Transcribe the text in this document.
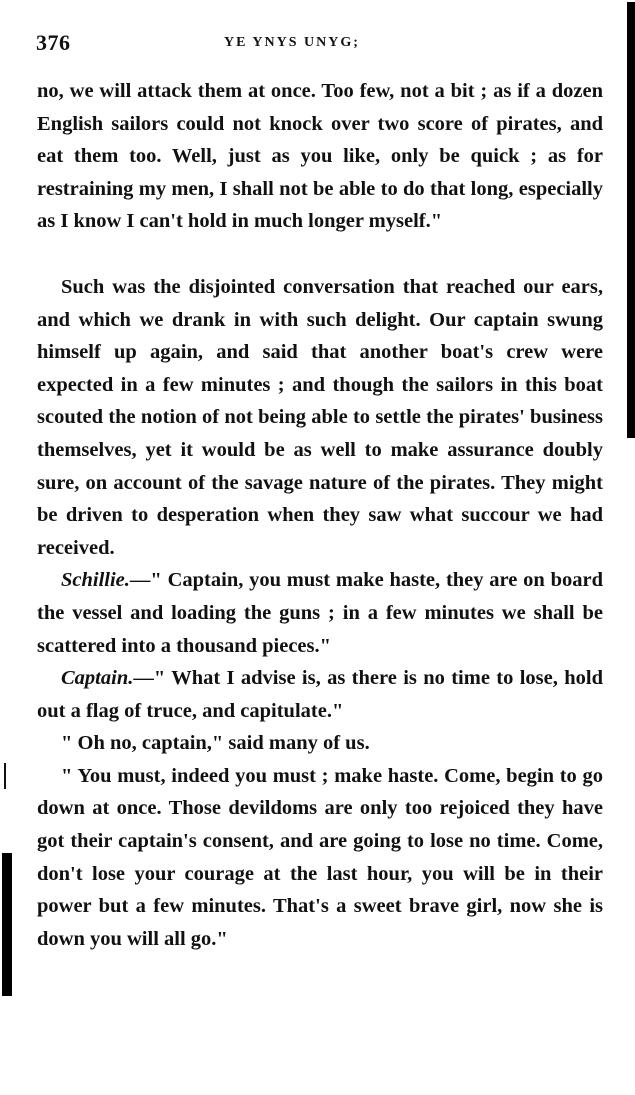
376	YE YNYS UNYG;

no, we will attack them at once. Too few, not a bit ; as if a dozen English sailors could not knock over two score of pirates, and eat them too. Well, just as you like, only be quick ; as for restraining my men, I shall not be able to do that long, especially as I know I can't hold in much longer myself."

Such was the disjointed conversation that reached our ears, and which we drank in with such delight. Our captain swung himself up again, and said that another boat's crew were expected in a few minutes ; and though the sailors in this boat scouted the notion of not being able to settle the pirates' business themselves, yet it would be as well to make assurance doubly sure, on account of the savage nature of the pirates. They might be driven to desperation when they saw what succour we had received.

Schillie.—" Captain, you must make haste, they are on board the vessel and loading the guns ; in a few minutes we shall be scattered into a thousand pieces."

Captain.—" What I advise is, as there is no time to lose, hold out a flag of truce, and capitulate."

" Oh no, captain," said many of us.

" You must, indeed you must ; make haste. Come, begin to go down at once. Those devildoms are only too rejoiced they have got their captain's consent, and are going to lose no time. Come, don't lose your courage at the last hour, you will be in their power but a few minutes. That's a sweet brave girl, now she is down you will all go."
